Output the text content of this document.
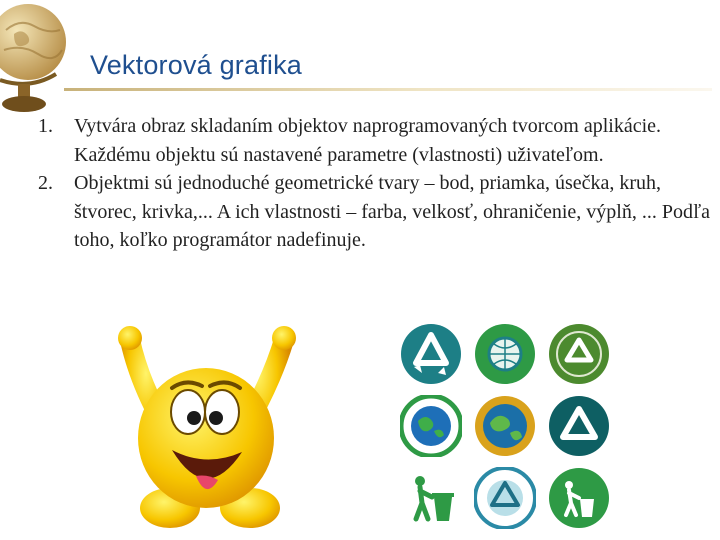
Vektorová grafika
1.	Vytvára obraz skladaním objektov naprogramovaných tvorcom aplikácie. Každému objektu sú nastavené parametre (vlastnosti) uživateľom.
2.	Objektmi sú jednoduché geometrické tvary – bod, priamka, úsečka, kruh, štvorec, krivka,... A ich vlastnosti – farba, velkosť, ohraničenie, výplň, ... Podľa toho, koľko programátor nadefinuje.
